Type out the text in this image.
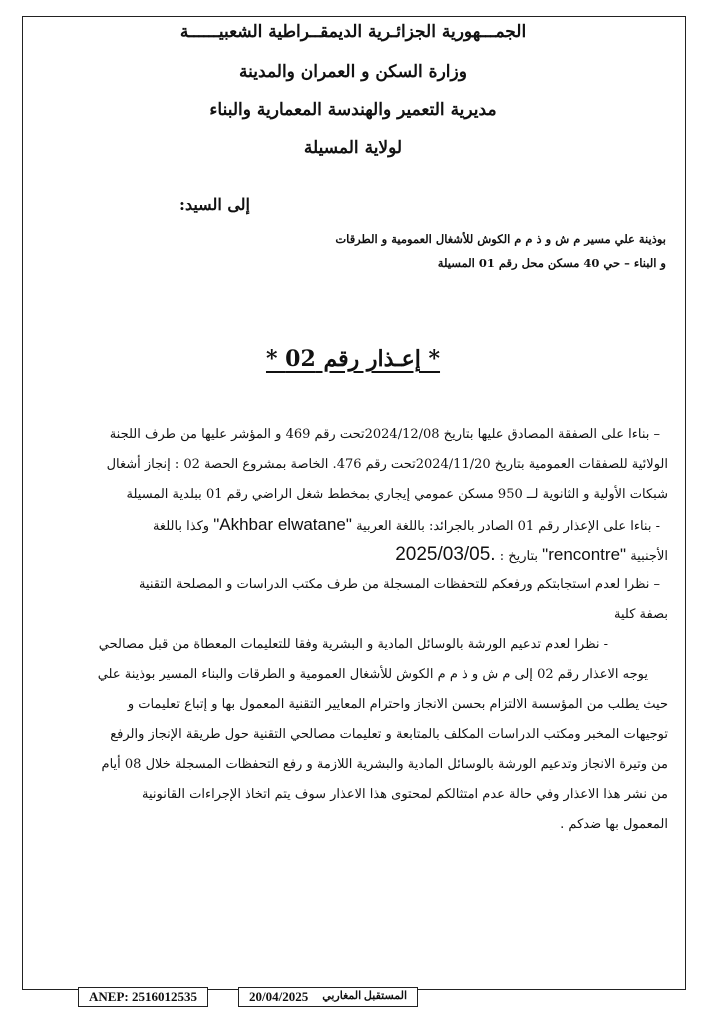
الجمـــهورية الجزائـرية الديمقــراطية الشعبيــــــة
وزارة السكن و العمران والمدينة
مديرية التعمير والهندسة المعمارية والبناء
لولاية المسيلة
إلى السيد:
بوذينة علي مسير م ش و ذ م م الكوش للأشغال العمومية و الطرقات
و البناء – حي 40 مسكن محل رقم 01 المسيلة
* إعـذار رقم 02 *
– بناءا على الصفقة المصادق عليها بتاريخ 2024/12/08تحت رقم 469 و المؤشر عليها من طرف اللجنة
الولائية للصفقات العمومية بتاريخ 2024/11/20تحت رقم 476. الخاصة بمشروع الحصة 02 : إنجاز أشغال
شبكات الأولية و الثانوية لــ 950 مسكن عمومي إيجاري بمخطط شغل الراضي رقم 01 ببلدية المسيلة
- بناءا على الإعذار رقم 01 الصادر بالجرائد: باللغة العربية "Akhbar elwatane" وكذا باللغة
الأجنبية "rencontre" بتاريخ : 2025/03/05.
– نظرا لعدم استجابتكم ورفعكم للتحفظات المسجلة من طرف مكتب الدراسات و المصلحة التقنية
بصفة كلية
- نظرا لعدم تدعيم الورشة بالوسائل المادية و البشرية وفقا للتعليمات المعطاة من قبل مصالحي
يوجه الاعذار رقم 02 إلى م ش و ذ م م الكوش للأشغال العمومية و الطرقات والبناء المسير بوذينة علي
حيث يطلب من المؤسسة الالتزام بحسن الانجاز واحترام المعايير التقنية المعمول بها و إتباع تعليمات و
توجيهات المخبر ومكتب الدراسات المكلف بالمتابعة و تعليمات مصالحي التقنية حول طريقة الإنجاز والرفع
من وتيرة الانجاز وتدعيم الورشة بالوسائل المادية والبشرية اللازمة و رفع التحفظات المسجلة خلال 08 أيام
من نشر هذا الاعذار وفي حالة عدم امتثالكم لمحتوى هذا الاعذار سوف يتم اتخاذ الإجراءات القانونية
المعمول بها ضدكم .
ANEP: 2516012535	20/04/2025 المستقبل المغاربي
